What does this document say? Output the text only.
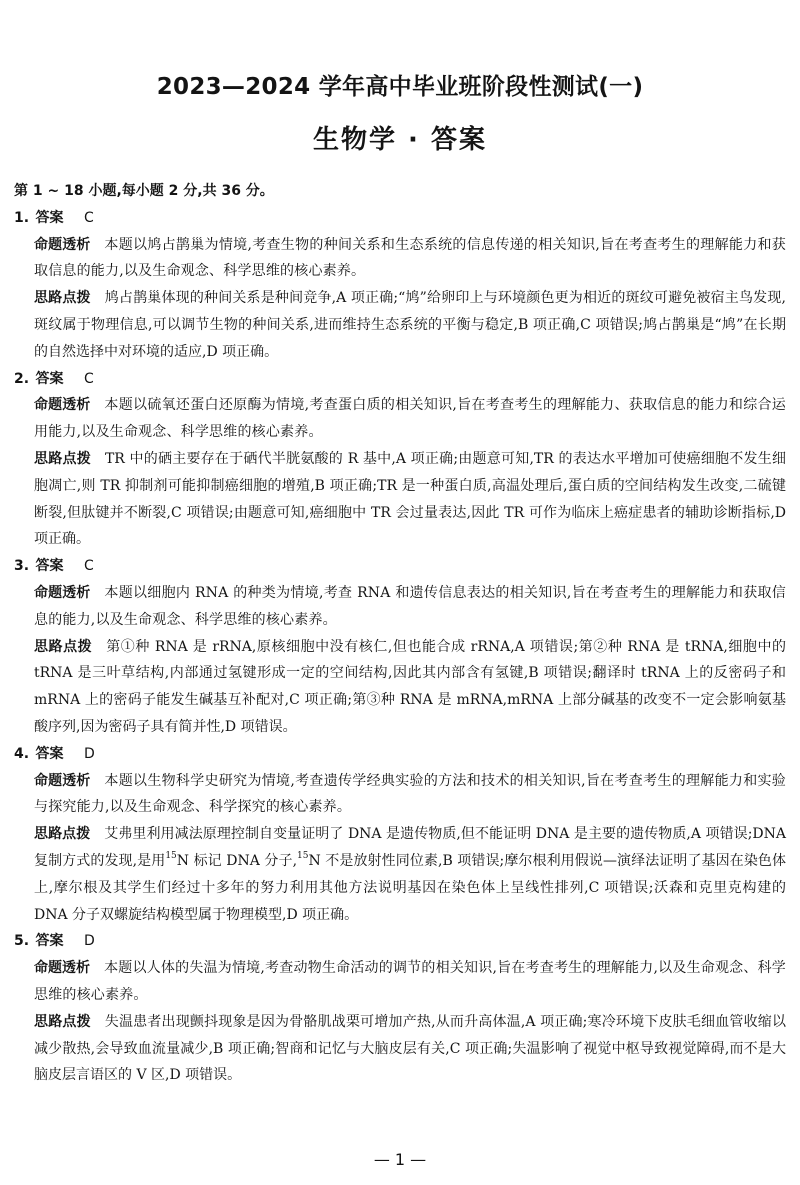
2023—2024 学年高中毕业班阶段性测试(一)
生物学 · 答案
第 1 ~ 18 小题,每小题 2 分,共 36 分。
1. 答案 C
命题透析 本题以鸠占鹊巢为情境,考查生物的种间关系和生态系统的信息传递的相关知识,旨在考查考生的理解能力和获取信息的能力,以及生命观念、科学思维的核心素养。
思路点拨 鸠占鹊巢体现的种间关系是种间竞争,A 项正确;“鸠”给卵印上与环境颜色更为相近的斑纹可避免被宿主鸟发现,斑纹属于物理信息,可以调节生物的种间关系,进而维持生态系统的平衡与稳定,B 项正确,C 项错误;鸠占鹊巢是“鸠”在长期的自然选择中对环境的适应,D 项正确。
2. 答案 C
命题透析 本题以硫氧还蛋白还原酶为情境,考查蛋白质的相关知识,旨在考查考生的理解能力、获取信息的能力和综合运用能力,以及生命观念、科学思维的核心素养。
思路点拨 TR 中的硒主要存在于硒代半胱氨酸的 R 基中,A 项正确;由题意可知,TR 的表达水平增加可使癌细胞不发生细胞凋亡,则 TR 抑制剂可能抑制癌细胞的增殖,B 项正确;TR 是一种蛋白质,高温处理后,蛋白质的空间结构发生改变,二硫键断裂,但肽键并不断裂,C 项错误;由题意可知,癌细胞中 TR 会过量表达,因此 TR 可作为临床上癌症患者的辅助诊断指标,D 项正确。
3. 答案 C
命题透析 本题以细胞内 RNA 的种类为情境,考查 RNA 和遗传信息表达的相关知识,旨在考查考生的理解能力和获取信息的能力,以及生命观念、科学思维的核心素养。
思路点拨 第①种 RNA 是 rRNA,原核细胞中没有核仁,但也能合成 rRNA,A 项错误;第②种 RNA 是 tRNA,细胞中的 tRNA 是三叶草结构,内部通过氢键形成一定的空间结构,因此其内部含有氢键,B 项错误;翻译时 tRNA 上的反密码子和 mRNA 上的密码子能发生碱基互补配对,C 项正确;第③种 RNA 是 mRNA,mRNA 上部分碱基的改变不一定会影响氨基酸序列,因为密码子具有简并性,D 项错误。
4. 答案 D
命题透析 本题以生物科学史研究为情境,考查遗传学经典实验的方法和技术的相关知识,旨在考查考生的理解能力和实验与探究能力,以及生命观念、科学探究的核心素养。
思路点拨 艾弗里利用减法原理控制自变量证明了 DNA 是遗传物质,但不能证明 DNA 是主要的遗传物质,A 项错误;DNA 复制方式的发现,是用$^{15}$N 标记 DNA 分子,$^{15}$N 不是放射性同位素,B 项错误;摩尔根利用假说—演绎法证明了基因在染色体上,摩尔根及其学生们经过十多年的努力利用其他方法说明基因在染色体上呈线性排列,C 项错误;沃森和克里克构建的 DNA 分子双螺旋结构模型属于物理模型,D 项正确。
5. 答案 D
命题透析 本题以人体的失温为情境,考查动物生命活动的调节的相关知识,旨在考查考生的理解能力,以及生命观念、科学思维的核心素养。
思路点拨 失温患者出现颤抖现象是因为骨骼肌战栗可增加产热,从而升高体温,A 项正确;寒冷环境下皮肤毛细血管收缩以减少散热,会导致血流量减少,B 项正确;智商和记忆与大脑皮层有关,C 项正确;失温影响了视觉中枢导致视觉障碍,而不是大脑皮层言语区的 V 区,D 项错误。
— 1 —
